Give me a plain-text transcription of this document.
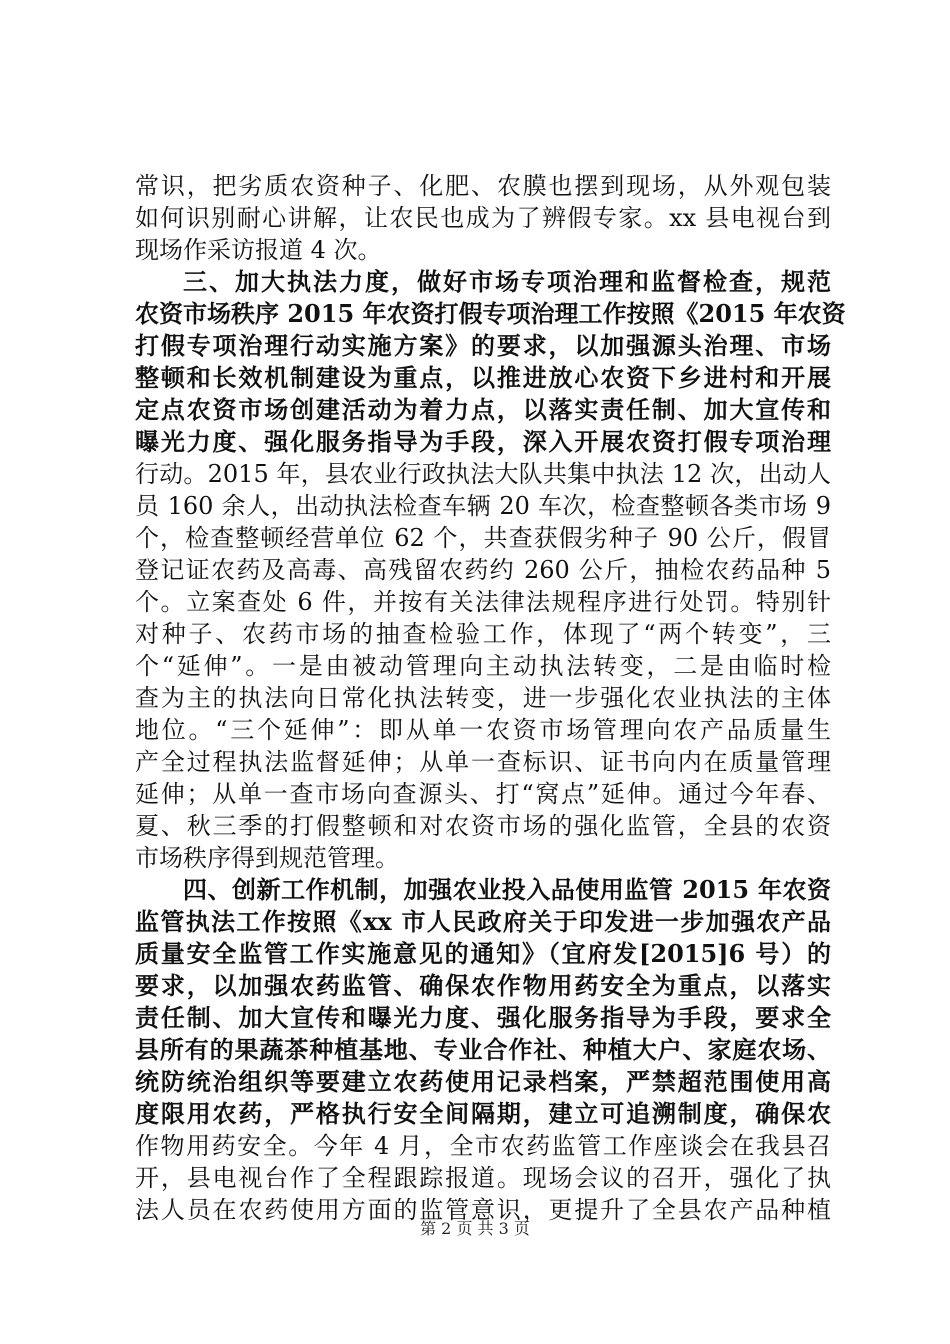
常识，把劣质农资种子、化肥、农膜也摆到现场，从外观包装
如何识别耐心讲解，让农民也成为了辨假专家。xx 县电视台到
现场作采访报道 4 次。
三、加大执法力度，做好市场专项治理和监督检查，规范
农资市场秩序 2015 年农资打假专项治理工作按照《2015 年农资
打假专项治理行动实施方案》的要求，以加强源头治理、市场
整顿和长效机制建设为重点，以推进放心农资下乡进村和开展
定点农资市场创建活动为着力点，以落实责任制、加大宣传和
曝光力度、强化服务指导为手段，深入开展农资打假专项治理
行动。2015 年，县农业行政执法大队共集中执法 12 次，出动人
员 160 余人，出动执法检查车辆 20 车次，检查整顿各类市场 9
个，检查整顿经营单位 62 个，共查获假劣种子 90 公斤，假冒
登记证农药及高毒、高残留农药约 260 公斤，抽检农药品种 5
个。立案查处 6 件，并按有关法律法规程序进行处罚。特别针
对种子、农药市场的抽查检验工作，体现了“两个转变”，三
个“延伸”。一是由被动管理向主动执法转变，二是由临时检
查为主的执法向日常化执法转变，进一步强化农业执法的主体
地位。“三个延伸”：即从单一农资市场管理向农产品质量生
产全过程执法监督延伸；从单一查标识、证书向内在质量管理
延伸；从单一查市场向查源头、打“窝点”延伸。通过今年春、
夏、秋三季的打假整顿和对农资市场的强化监管，全县的农资
市场秩序得到规范管理。
四、创新工作机制，加强农业投入品使用监管 2015 年农资
监管执法工作按照《xx 市人民政府关于印发进一步加强农产品
质量安全监管工作实施意见的通知》（宜府发[2015]6 号）的
要求，以加强农药监管、确保农作物用药安全为重点，以落实
责任制、加大宣传和曝光力度、强化服务指导为手段，要求全
县所有的果蔬茶种植基地、专业合作社、种植大户、家庭农场、
统防统治组织等要建立农药使用记录档案，严禁超范围使用高
度限用农药，严格执行安全间隔期，建立可追溯制度，确保农
作物用药安全。今年 4 月，全市农药监管工作座谈会在我县召
开，县电视台作了全程跟踪报道。现场会议的召开，强化了执
法人员在农药使用方面的监管意识，更提升了全县农产品种植
第 2 页 共 3 页
